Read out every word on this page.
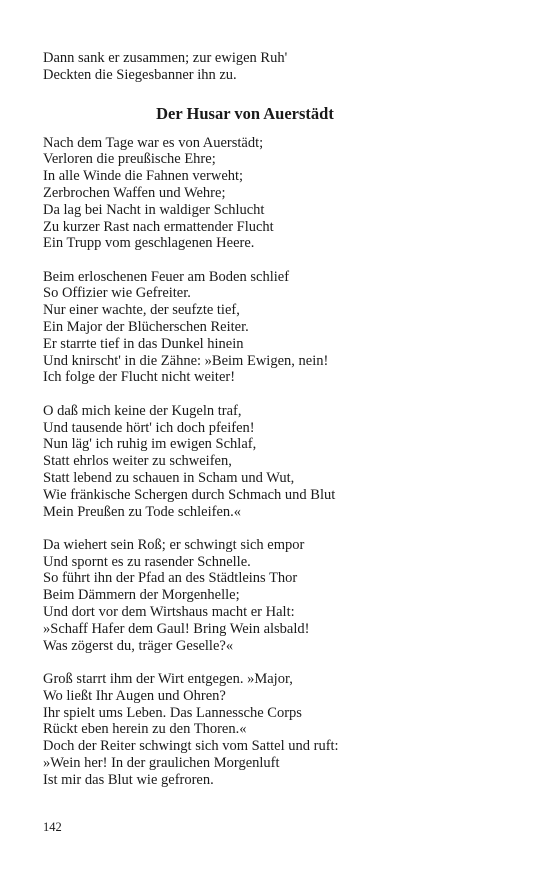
Dann sank er zusammen; zur ewigen Ruh'
Deckten die Siegesbanner ihn zu.
Der Husar von Auerstädt
Nach dem Tage war es von Auerstädt;
Verloren die preußische Ehre;
In alle Winde die Fahnen verweht;
Zerbrochen Waffen und Wehre;
Da lag bei Nacht in waldiger Schlucht
Zu kurzer Rast nach ermattender Flucht
Ein Trupp vom geschlagenen Heere.
Beim erloschenen Feuer am Boden schlief
So Offizier wie Gefreiter.
Nur einer wachte, der seufzte tief,
Ein Major der Blücherschen Reiter.
Er starrte tief in das Dunkel hinein
Und knirscht' in die Zähne: »Beim Ewigen, nein!
Ich folge der Flucht nicht weiter!
O daß mich keine der Kugeln traf,
Und tausende hört' ich doch pfeifen!
Nun läg' ich ruhig im ewigen Schlaf,
Statt ehrlos weiter zu schweifen,
Statt lebend zu schauen in Scham und Wut,
Wie fränkische Schergen durch Schmach und Blut
Mein Preußen zu Tode schleifen.«
Da wiehert sein Roß; er schwingt sich empor
Und spornt es zu rasender Schnelle.
So führt ihn der Pfad an des Städtleins Thor
Beim Dämmern der Morgenhelle;
Und dort vor dem Wirtshaus macht er Halt:
»Schaff Hafer dem Gaul! Bring Wein alsbald!
Was zögerst du, träger Geselle?«
Groß starrt ihm der Wirt entgegen. »Major,
Wo ließt Ihr Augen und Ohren?
Ihr spielt ums Leben. Das Lannessche Corps
Rückt eben herein zu den Thoren.«
Doch der Reiter schwingt sich vom Sattel und ruft:
»Wein her! In der graulichen Morgenluft
Ist mir das Blut wie gefroren.
142
